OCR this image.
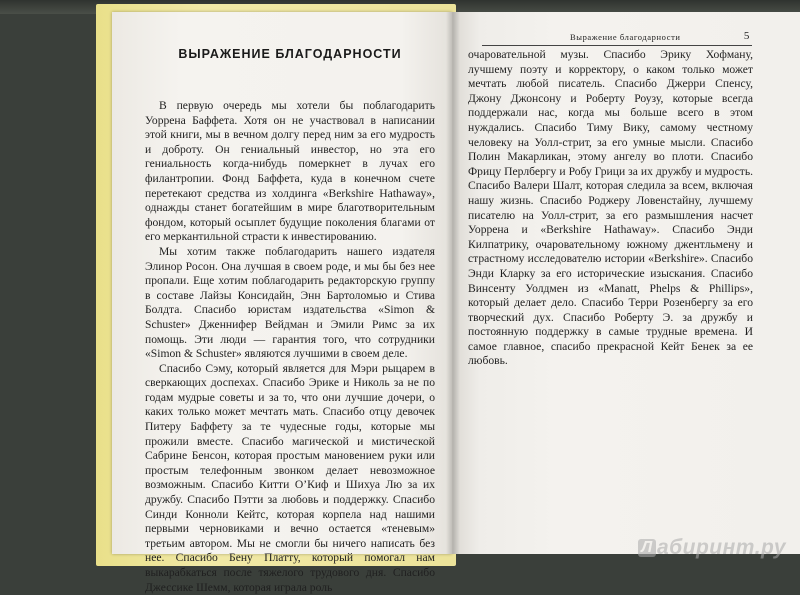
ВЫРАЖЕНИЕ БЛАГОДАРНОСТИ

В первую очередь мы хотели бы поблагодарить Уоррена Баффета. Хотя он не участвовал в написании этой книги, мы в вечном долгу перед ним за его мудрость и доброту. Он гениальный инвестор, но эта его гениальность когда-нибудь померкнет в лучах его филантропии. Фонд Баффета, куда в конечном счете перетекают средства из холдинга «Berkshire Hathaway», однажды станет богатейшим в мире благотворительным фондом, который осыплет будущие поколения благами от его меркантильной страсти к инвестированию.

Мы хотим также поблагодарить нашего издателя Элинор Росон. Она лучшая в своем роде, и мы бы без нее пропали. Еще хотим поблагодарить редакторскую группу в составе Лайзы Консидайн, Энн Бартоломью и Стива Болдта. Спасибо юристам издательства «Simon & Schuster» Дженнифер Вейдман и Эмили Римс за их помощь. Эти люди — гарантия того, что сотрудники «Simon & Schuster» являются лучшими в своем деле.

Спасибо Сэму, который является для Мэри рыцарем в сверкающих доспехах. Спасибо Эрике и Николь за не по годам мудрые советы и за то, что они лучшие дочери, о каких только может мечтать мать. Спасибо отцу девочек Питеру Баффету за те чудесные годы, которые мы прожили вместе. Спасибо магической и мистической Сабрине Бенсон, которая простым мановением руки или простым телефонным звонком делает невозможное возможным. Спасибо Китти О’Киф и Шихуа Лю за их дружбу. Спасибо Пэтти за любовь и поддержку. Спасибо Синди Конноли Кейтс, которая корпела над нашими первыми черновиками и вечно остается «теневым» третьим автором. Мы не смогли бы ничего написать без нее. Спасибо Бену Платту, который помогал нам выкарабкаться после тяжелого трудового дня. Спасибо Джессике Шемм, которая играла роль

Выражение благодарности	5

очаровательной музы. Спасибо Эрику Хофману, лучшему поэту и корректору, о каком только может мечтать любой писатель. Спасибо Джерри Спенсу, Джону Джонсону и Роберту Роузу, которые всегда поддержали нас, когда мы больше всего в этом нуждались. Спасибо Тиму Вику, самому честному человеку на Уолл-стрит, за его умные мысли. Спасибо Полин Макарликан, этому ангелу во плоти. Спасибо Фрицу Перлбергу и Робу Грици за их дружбу и мудрость. Спасибо Валери Шалт, которая следила за всем, включая нашу жизнь. Спасибо Роджеру Ловенстайну, лучшему писателю на Уолл-стрит, за его размышления насчет Уоррена и «Berkshire Hathaway». Спасибо Энди Килпатрику, очаровательному южному джентльмену и страстному исследователю истории «Berkshire». Спасибо Энди Кларку за его исторические изыскания. Спасибо Винсенту Уолдмен из «Manatt, Phelps & Phillips», который делает дело. Спасибо Терри Розенбергу за его творческий дух. Спасибо Роберту Э. за дружбу и постоянную поддержку в самые трудные времена. И самое главное, спасибо прекрасной Кейт Бенек за ее любовь.

Л абиринт.ру
